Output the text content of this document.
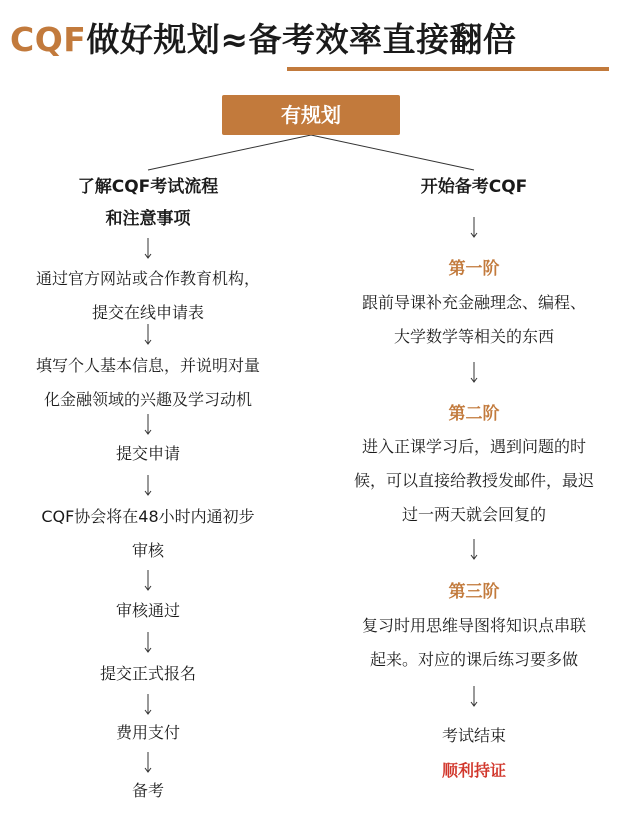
CQF做好规划≈备考效率直接翻倍
有规划
了解CQF考试流程
和注意事项
通过官方网站或合作教育机构，
提交在线申请表
填写个人基本信息，并说明对量
化金融领域的兴趣及学习动机
提交申请
CQF协会将在48小时内通初步
审核
审核通过
提交正式报名
费用支付
备考
开始备考CQF
第一阶
跟前导课补充金融理念、编程、
大学数学等相关的东西
第二阶
进入正课学习后，遇到问题的时
候，可以直接给教授发邮件，最迟
过一两天就会回复的
第三阶
复习时用思维导图将知识点串联
起来。对应的课后练习要多做
考试结束
顺利持证
